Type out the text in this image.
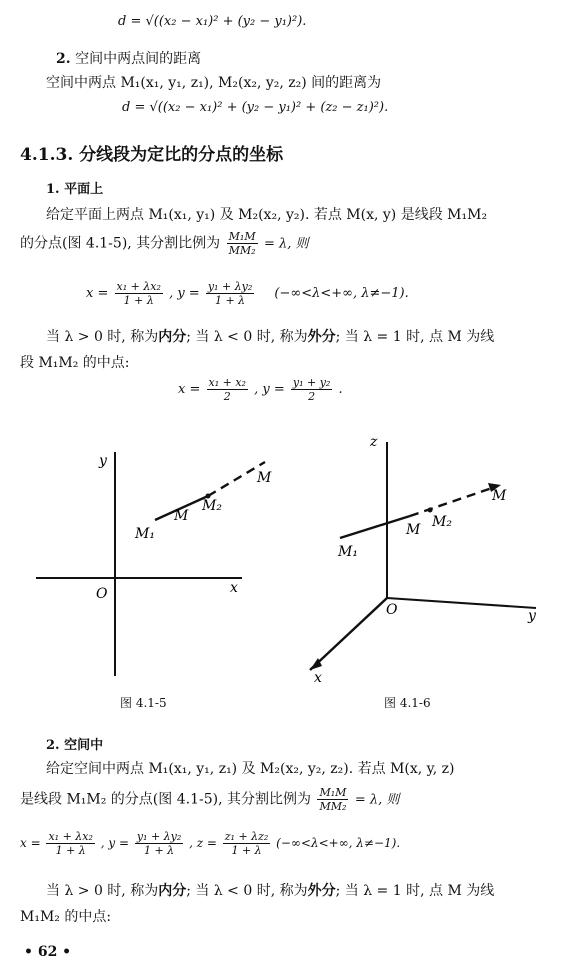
d = √((x₂ − x₁)² + (y₂ − y₁)²).
2. 空间中两点间的距离
空间中两点 M₁(x₁, y₁, z₁), M₂(x₂, y₂, z₂) 间的距离为
d = √((x₂ − x₁)² + (y₂ − y₁)² + (z₂ − z₁)²).
4.1.3. 分线段为定比的分点的坐标
1. 平面上
给定平面上两点 M₁(x₁, y₁) 及 M₂(x₂, y₂). 若点 M(x, y) 是线段 M₁M₂
的分点(图 4.1-5), 其分割比例为 $\frac{\text{M₁M}}{\text{MM₂}} = \lambda$, 则
$x = \frac{\text{x₁ + λx₂}}{1 + \lambda}$ , $y = \frac{\text{y₁ + λy₂}}{1 + \lambda} (-\infty<\lambda<+\infty$, λ≠−1).
当 λ > 0 时, 称为内分; 当 λ < 0 时, 称为外分; 当 λ = 1 时, 点 M 为线
段 M₁M₂ 的中点:
$x = \frac{\text{x₁ + x₂}}{2}$ , $y = \frac{\text{y₁ + y₂}}{2}$ .
y
x
O
M₁
M
M₂
M
图 4.1-5
z
y
x
O
M₁
M M₂
M
图 4.1-6
2. 空间中
给定空间中两点 M₁(x₁, y₁, z₁) 及 M₂(x₂, y₂, z₂). 若点 M(x, y, z)
是线段 M₁M₂ 的分点(图 4.1-5), 其分割比例为 $\frac{\text{M₁M}}{\text{MM₂}} = \lambda$, 则
$x = \frac{\text{x₁ + λx₂}}{1 + \lambda}$ , $y = \frac{\text{y₁ + λy₂}}{1 + \lambda}$ , $z = \frac{\text{z₁ + λz₂}}{1 + \lambda} (-\infty<\lambda<+\infty$, λ≠−1).
当 λ > 0 时, 称为内分; 当 λ < 0 时, 称为外分; 当 λ = 1 时, 点 M 为线
M₁M₂ 的中点:
• 62 •
